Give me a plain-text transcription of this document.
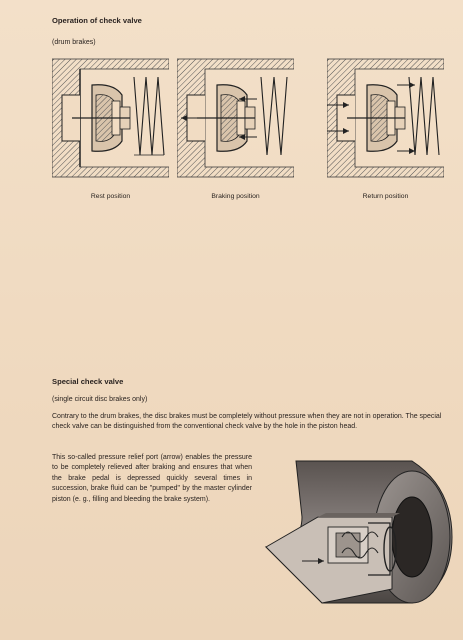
Operation of check valve
(drum brakes)
Rest position	Braking position	Return position
Special check valve
(single circuit disc brakes only)
Contrary to the drum brakes, the disc brakes must be completely without pressure when they are not in operation. The special check valve can be distinguished from the conventional check valve by the hole in the piston head.
This so-called pressure relief port (arrow) enables the pressure to be completely relieved after braking and ensures that when the brake pedal is depressed quickly several times in succession, brake fluid can be "pumped" by the master cylinder piston (e. g., filling and bleeding the brake system).
